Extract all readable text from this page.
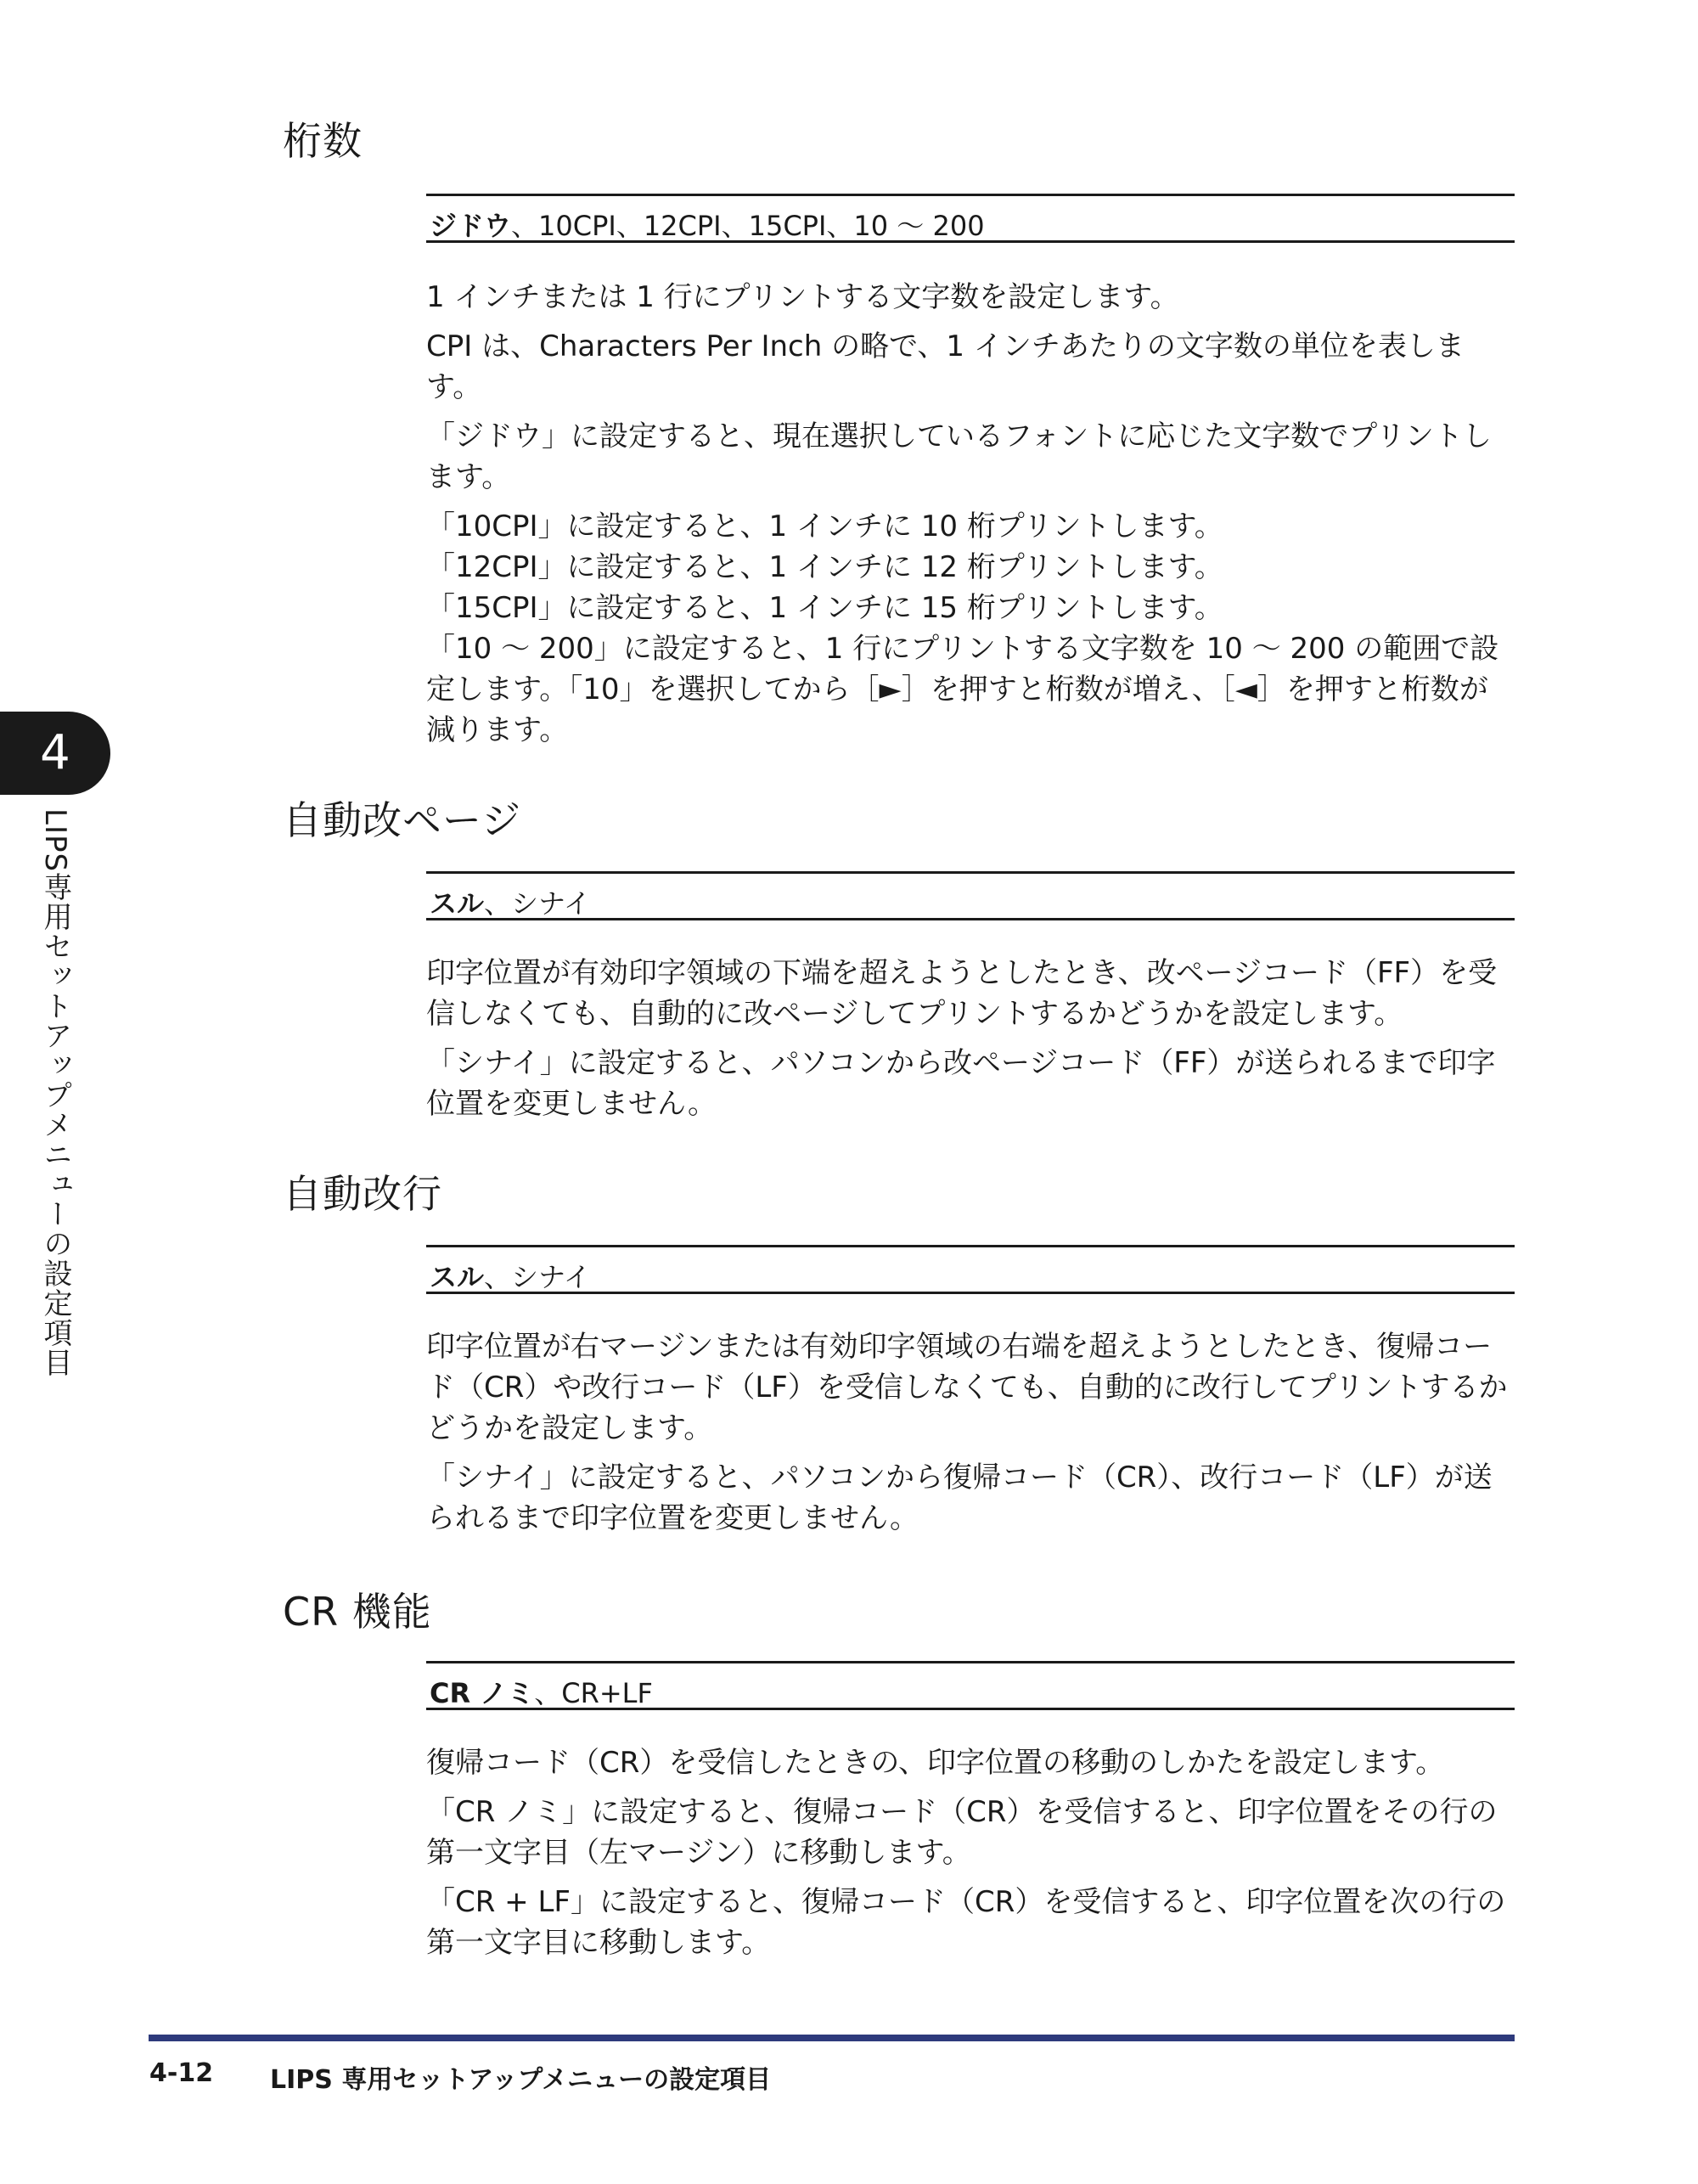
桁数
ジドウ、10CPI、12CPI、15CPI、10 ～ 200

1 インチまたは 1 行にプリントする文字数を設定します。

CPI は、Characters Per Inch の略で、1 インチあたりの文字数の単位を表します。

「ジドウ」に設定すると、現在選択しているフォントに応じた文字数でプリントします。

「10CPI」に設定すると、1 インチに 10 桁プリントします。

「12CPI」に設定すると、1 インチに 12 桁プリントします。

「15CPI」に設定すると、1 インチに 15 桁プリントします。

「10 ～ 200」に設定すると、1 行にプリントする文字数を 10 ～ 200 の範囲で設定します。「10」を選択してから［►］を押すと桁数が増え、［◄］を押すと桁数が減ります。

自動改ページ
スル、シナイ

印字位置が有効印字領域の下端を超えようとしたとき、改ページコード（FF）を受信しなくても、自動的に改ページしてプリントするかどうかを設定します。

「シナイ」に設定すると、パソコンから改ページコード（FF）が送られるまで印字位置を変更しません。

自動改行
スル、シナイ

印字位置が右マージンまたは有効印字領域の右端を超えようとしたとき、復帰コード（CR）や改行コード（LF）を受信しなくても、自動的に改行してプリントするかどうかを設定します。

「シナイ」に設定すると、パソコンから復帰コード（CR）、改行コード（LF）が送られるまで印字位置を変更しません。

CR 機能
CR ノミ、CR+LF

復帰コード（CR）を受信したときの、印字位置の移動のしかたを設定します。

「CR ノミ」に設定すると、復帰コード（CR）を受信すると、印字位置をその行の第一文字目（左マージン）に移動します。

「CR + LF」に設定すると、復帰コード（CR）を受信すると、印字位置を次の行の第一文字目に移動します。

4
LIPS専用セットアップメニューの設定項目
4-12 LIPS 専用セットアップメニューの設定項目
